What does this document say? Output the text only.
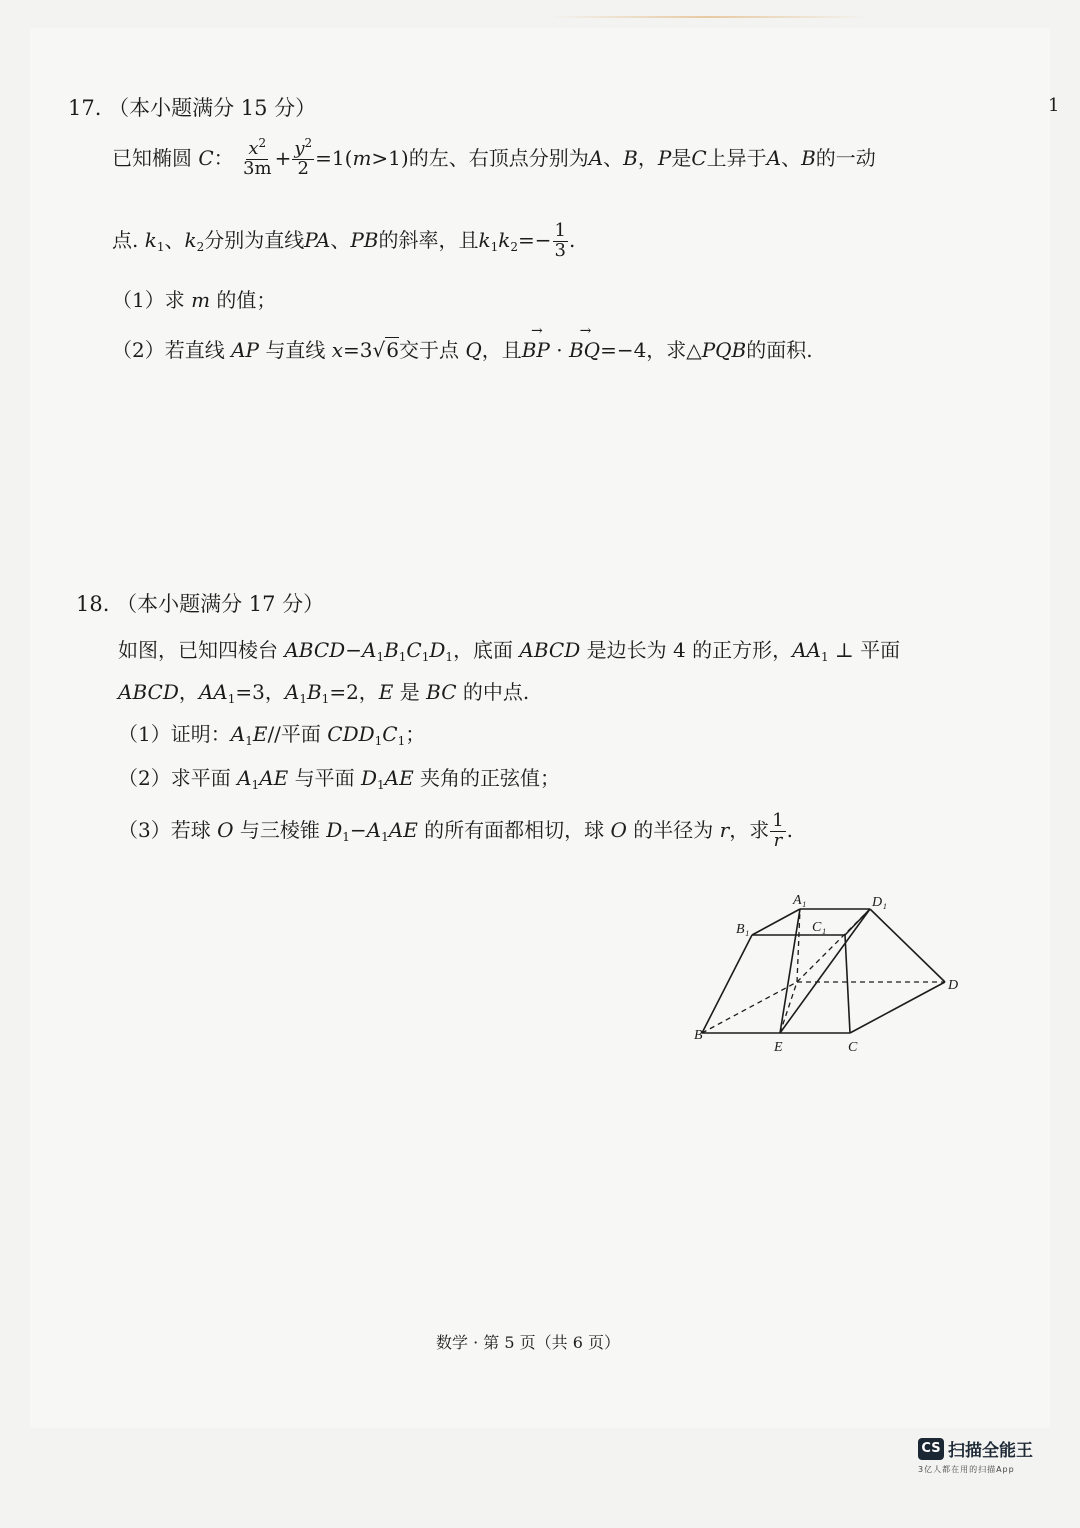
1
17. （本小题满分 15 分）
已知椭圆 C： $\frac{x^2}{3m} + \frac{y^2}{2} =1(m>1)$的左、右顶点分别为A、B，P是C上异于A、B的一动
点. $k_1$、$k_2$分别为直线PA、PB的斜率，且$k_1k_2=- \frac{1}{3}$ .
（1）求 m 的值；
（2）若直线 AP 与直线 x=3√6交于点 Q，且→ BP · → BQ=−4，求△PQB的面积.
18. （本小题满分 17 分）
如图，已知四棱台 $ABCD-A_1B_1C_1D_1$，底面 ABCD 是边长为 4 的正方形，$AA_1$ ⊥ 平面
ABCD，$AA_1=3$，$A_1B_1=2$，E 是 BC 的中点.
（1）证明：$A_1E//$平面 $CDD_1C_1$；
（2）求平面 $A_1AE$ 与平面 $D_1AE$ 夹角的正弦值；
（3）若球 O 与三棱锥 $D_1-A_1AE$ 的所有面都相切，球 O 的半径为 r，求 $\frac{1}{r}$ .
A₁
B₁	C₁
D₁
B
E	C
D
数学 · 第 5 页（共 6 页）
CS 扫描全能王
3亿人都在用的扫描App
